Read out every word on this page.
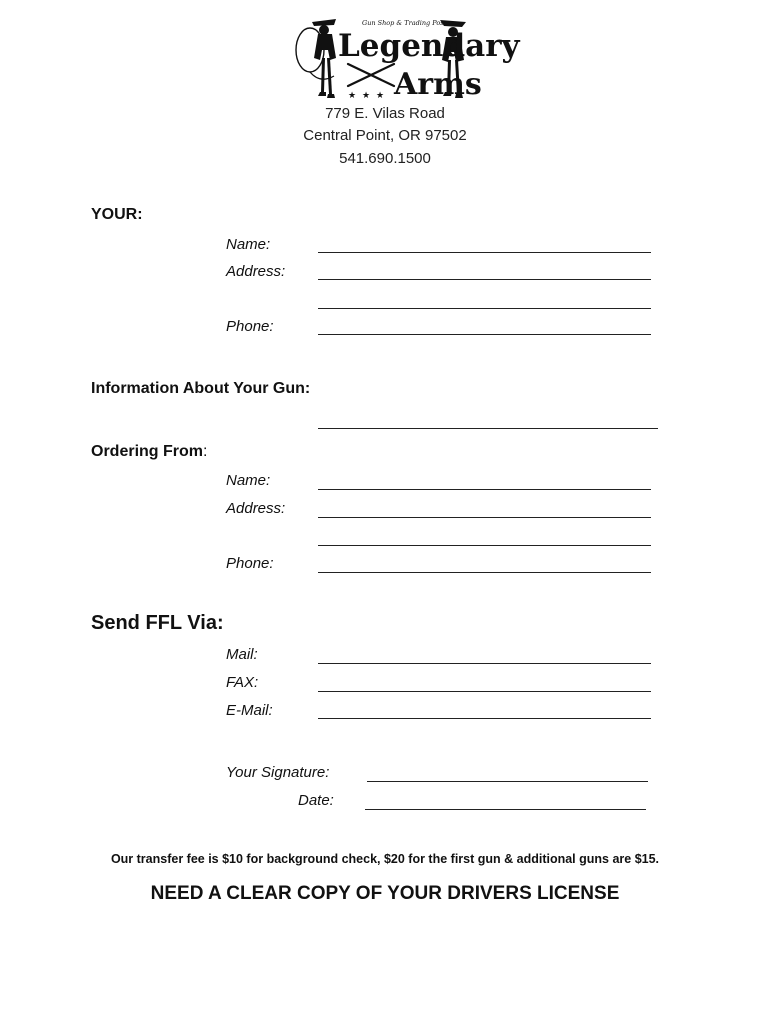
★ ★ ★
Gun Shop & Trading Post
Legendary
Arms
779 E. Vilas Road
Central Point, OR 97502
541.690.1500
YOUR:
Name:
Address:
Phone:
Information About Your Gun:
Ordering From:
Name:
Address:
Phone:
Send FFL Via:
Mail:
FAX:
E-Mail:
Your Signature:
Date:
Our transfer fee is $10 for background check, $20 for the first gun & additional guns are $15.
NEED A CLEAR COPY OF YOUR DRIVERS LICENSE
